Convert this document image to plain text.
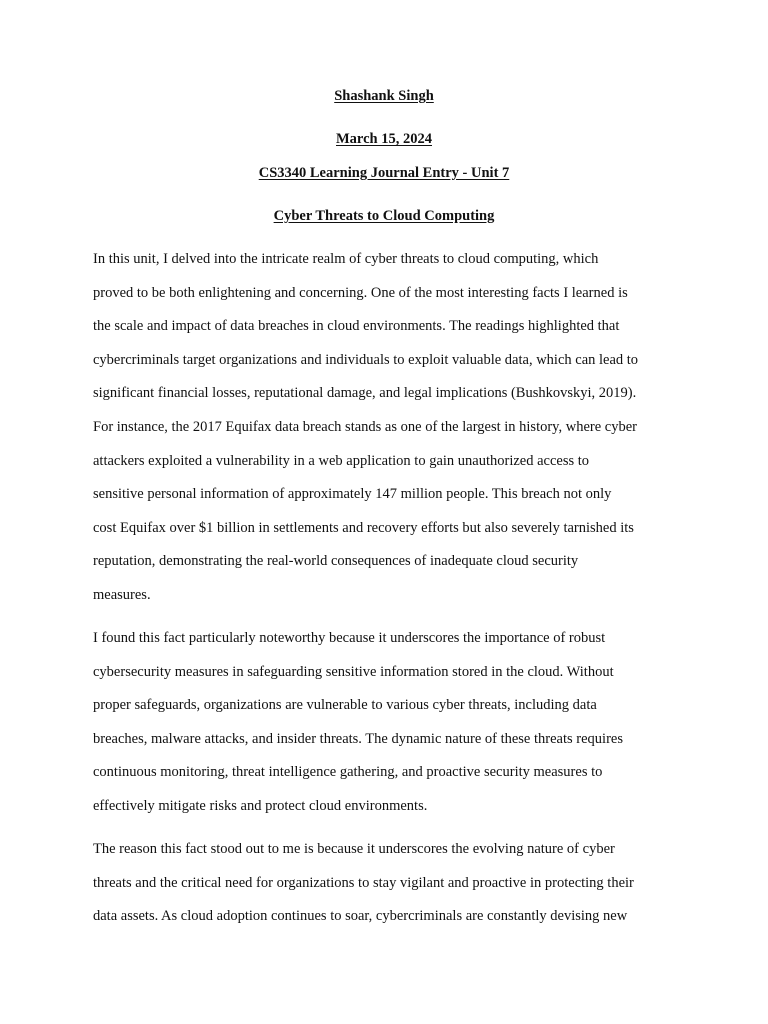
Shashank Singh

March 15, 2024

CS3340 Learning Journal Entry - Unit 7

Cyber Threats to Cloud Computing

In this unit, I delved into the intricate realm of cyber threats to cloud computing, which
proved to be both enlightening and concerning. One of the most interesting facts I learned is
the scale and impact of data breaches in cloud environments. The readings highlighted that
cybercriminals target organizations and individuals to exploit valuable data, which can lead to
significant financial losses, reputational damage, and legal implications (Bushkovskyi, 2019).
For instance, the 2017 Equifax data breach stands as one of the largest in history, where cyber
attackers exploited a vulnerability in a web application to gain unauthorized access to
sensitive personal information of approximately 147 million people. This breach not only
cost Equifax over $1 billion in settlements and recovery efforts but also severely tarnished its
reputation, demonstrating the real-world consequences of inadequate cloud security
measures.

I found this fact particularly noteworthy because it underscores the importance of robust
cybersecurity measures in safeguarding sensitive information stored in the cloud. Without
proper safeguards, organizations are vulnerable to various cyber threats, including data
breaches, malware attacks, and insider threats. The dynamic nature of these threats requires
continuous monitoring, threat intelligence gathering, and proactive security measures to
effectively mitigate risks and protect cloud environments.

The reason this fact stood out to me is because it underscores the evolving nature of cyber
threats and the critical need for organizations to stay vigilant and proactive in protecting their
data assets. As cloud adoption continues to soar, cybercriminals are constantly devising new
